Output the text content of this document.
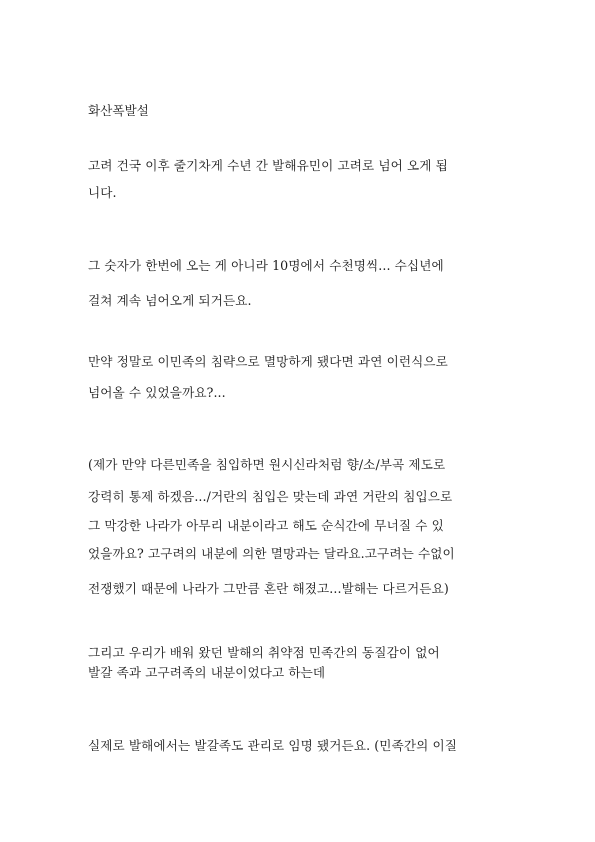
화산폭발설
고려 건국 이후 줄기차게 수년 간 발해유민이 고려로 넘어 오게 됩
니다.
그 숫자가 한번에 오는 게 아니라 10명에서 수천명씩... 수십년에
걸쳐 계속 넘어오게 되거든요.
만약 정말로 이민족의 침략으로 멸망하게 됐다면 과연 이런식으로
넘어올 수 있었을까요?...
(제가 만약 다른민족을 침입하면 원시신라처럼 향/소/부곡 제도로
강력히 통제 하겠음.../거란의 침입은 맞는데 과연 거란의 침입으로
그 막강한 나라가 아무리 내분이라고 해도 순식간에 무너질 수 있
었을까요? 고구려의 내분에 의한 멸망과는 달라요.고구려는 수없이
전쟁했기 때문에 나라가 그만큼 혼란 해졌고...발해는 다르거든요)
그리고 우리가 배워 왔던 발해의 취약점 민족간의 동질감이 없어
발갈 족과 고구려족의 내분이었다고 하는데
실제로 발해에서는 발갈족도 관리로 임명 됐거든요. (민족간의 이질
